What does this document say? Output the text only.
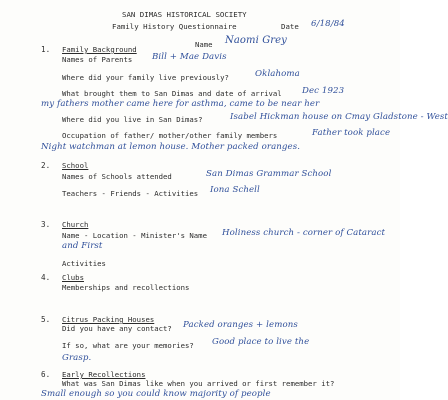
SAN DIMAS HISTORICAL SOCIETY
Family History Questionnaire	Date 6/18/84
Name Naomi Grey
1. Family Background
Names of Parents Bill + Mae Davis
Where did your family live previously?	Oklahoma
What brought them to San Dimas and date of arrival Dec 1923
my fathers mother came here for asthma, came to be near her
Where did you live in San Dimas?	Isabel Hickman house on Cmay Gladstone - West
Occupation of father/ mother/other family members	Father took place
Night watchman at lemon house. Mother packed oranges.
2. School
Names of Schools attended	San Dimas Grammar School
Teachers - Friends - Activities Iona Schell
3. Church
Name - Location - Minister's Name Holiness church - corner of Cataract
and First
Activities
4. Clubs
Memberships and recollections
5. Citrus Packing Houses
Did you have any contact? Packed oranges + lemons
If so, what are your memories? Good place to live the
Grasp.
6. Early Recollections
What was San Dimas like when you arrived or first remember it?
Small enough so you could know majority of people
